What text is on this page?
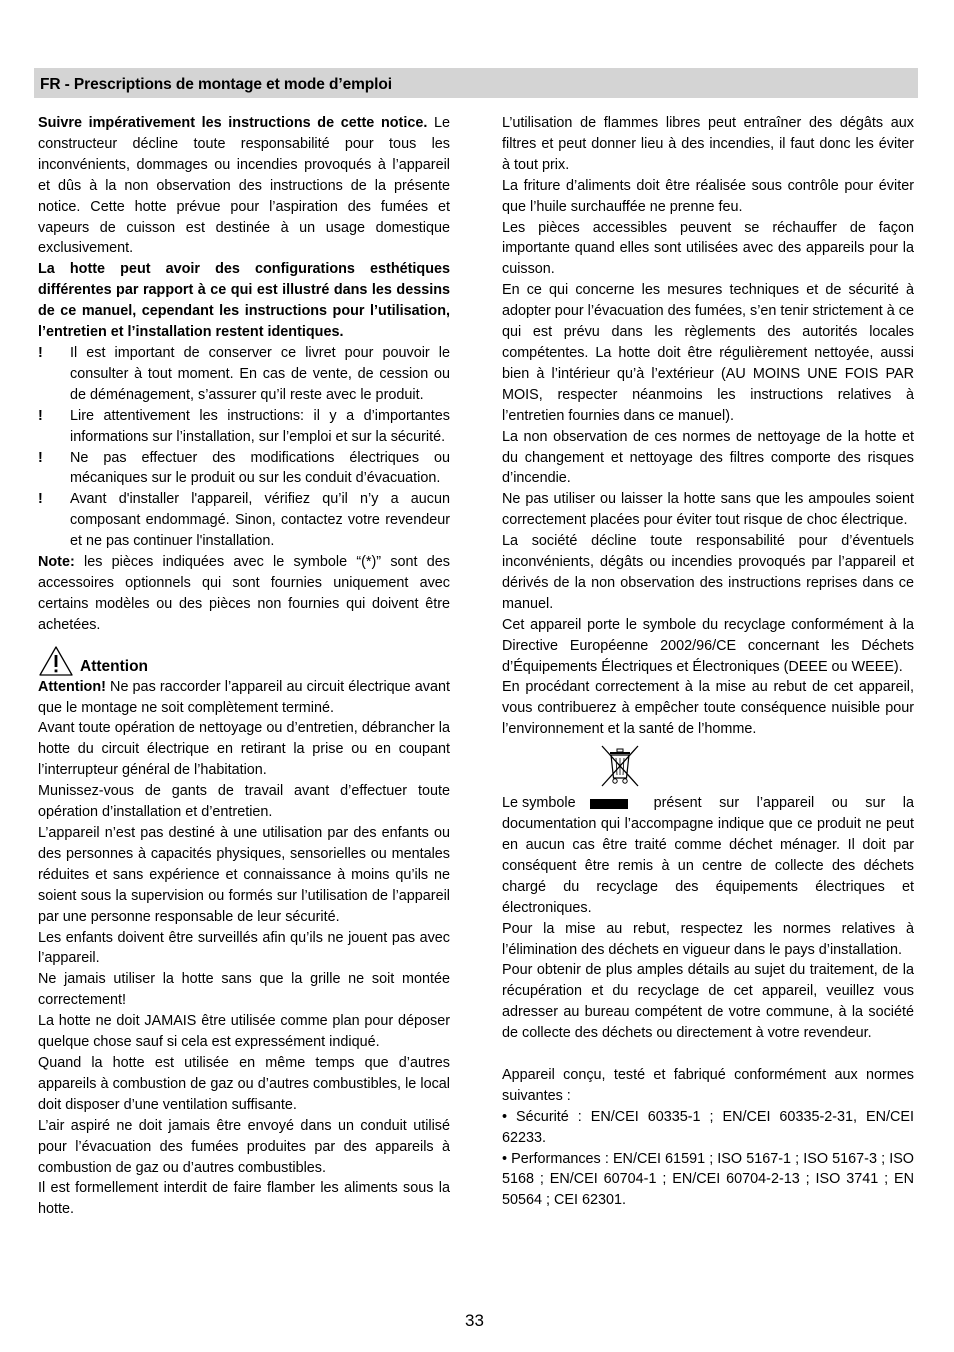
FR - Prescriptions de montage et mode d’emploi

Suivre impérativement les instructions de cette notice. Le constructeur décline toute responsabilité pour tous les inconvénients, dommages ou incendies provoqués à l’appareil et dûs à la non observation des instructions de la présente notice. Cette hotte prévue pour l’aspiration des fumées et vapeurs de cuisson est destinée à un usage domestique exclusivement.

La hotte peut avoir des configurations esthétiques différentes par rapport à ce qui est illustré dans les dessins de ce manuel, cependant les instructions pour l’utilisation, l’entretien et l’installation restent identiques.

!	Il est important de conserver ce livret pour pouvoir le consulter à tout moment. En cas de vente, de cession ou de déménagement, s’assurer qu’il reste avec le produit.
!	Lire attentivement les instructions: il y a d’importantes informations sur l’installation, sur l’emploi et sur la sécurité.
!	Ne pas effectuer des modifications électriques ou mécaniques sur le produit ou sur les conduit d’évacuation.
!	Avant d'installer l'appareil, vérifiez qu’il n’y a aucun composant endommagé. Sinon, contactez votre revendeur et ne pas continuer l'installation.

Note: les pièces indiquées avec le symbole “(*)” sont des accessoires optionnels qui sont fournies uniquement avec certains modèles ou des pièces non fournies qui doivent être achetées.

Attention

Attention! Ne pas raccorder l’appareil au circuit électrique avant que le montage ne soit complètement terminé.

Avant toute opération de nettoyage ou d’entretien, débrancher la hotte du circuit électrique en retirant la prise ou en coupant l’interrupteur général de l’habitation.

Munissez-vous de gants de travail avant d’effectuer toute opération d’installation et d’entretien.

L’appareil n’est pas destiné à une utilisation par des enfants ou des personnes à capacités physiques, sensorielles ou mentales réduites et sans expérience et connaissance à moins qu’ils ne soient sous la supervision ou formés sur l’utilisation de l’appareil par une personne responsable de leur sécurité.

Les enfants doivent être surveillés afin qu’ils ne jouent pas avec l’appareil.

Ne jamais utiliser la hotte sans que la grille ne soit montée correctement!

La hotte ne doit JAMAIS être utilisée comme plan pour déposer quelque chose sauf si cela est expressément indiqué.

Quand la hotte est utilisée en même temps que d’autres appareils à combustion de gaz ou d’autres combustibles, le local doit disposer d’une ventilation suffisante.

L’air aspiré ne doit jamais être envoyé dans un conduit utilisé pour l’évacuation des fumées produites par des appareils à combustion de gaz ou d’autres combustibles.

Il est formellement interdit de faire flamber les aliments sous la hotte.

L’utilisation de flammes libres peut entraîner des dégâts aux filtres et peut donner lieu à des incendies, il faut donc les éviter à tout prix.

La friture d’aliments doit être réalisée sous contrôle pour éviter que l’huile surchauffée ne prenne feu.

Les pièces accessibles peuvent se réchauffer de façon importante quand elles sont utilisées avec des appareils pour la cuisson.

En ce qui concerne les mesures techniques et de sécurité à adopter pour l’évacuation des fumées, s’en tenir strictement à ce qui est prévu dans les règlements des autorités locales compétentes. La hotte doit être régulièrement nettoyée, aussi bien à l’intérieur qu’à l’extérieur (AU MOINS UNE FOIS PAR MOIS, respecter néanmoins les instructions relatives à l’entretien fournies dans ce manuel).

La non observation de ces normes de nettoyage de la hotte et du changement et nettoyage des filtres comporte des risques d’incendie.

Ne pas utiliser ou laisser la hotte sans que les ampoules soient correctement placées pour éviter tout risque de choc électrique.

La société décline toute responsabilité pour d’éventuels inconvénients, dégâts ou incendies provoqués par l’appareil et dérivés de la non observation des instructions reprises dans ce manuel.

Cet appareil porte le symbole du recyclage conformément à la Directive Européenne 2002/96/CE concernant les Déchets d’Équipements Électriques et Électroniques (DEEE ou WEEE).

En procédant correctement à la mise au rebut de cet appareil, vous contribuerez à empêcher toute conséquence nuisible pour l’environnement et la santé de l’homme.

Le symbole	présent sur l’appareil ou sur la

documentation qui l’accompagne indique que ce produit ne peut en aucun cas être traité comme déchet ménager. Il doit par conséquent être remis à un centre de collecte des déchets chargé du recyclage des équipements électriques et électroniques.

Pour la mise au rebut, respectez les normes relatives à l’élimination des déchets en vigueur dans le pays d’installation.

Pour obtenir de plus amples détails au sujet du traitement, de la récupération et du recyclage de cet appareil, veuillez vous adresser au bureau compétent de votre commune, à la société de collecte des déchets ou directement à votre revendeur.

Appareil conçu, testé et fabriqué conformément aux normes suivantes :

• Sécurité : EN/CEI 60335-1 ; EN/CEI 60335-2-31, EN/CEI 62233.

• Performances : EN/CEI 61591 ; ISO 5167-1 ; ISO 5167-3 ; ISO 5168 ; EN/CEI 60704-1 ; EN/CEI 60704-2-13 ; ISO 3741 ; EN 50564 ; CEI 62301.

33
